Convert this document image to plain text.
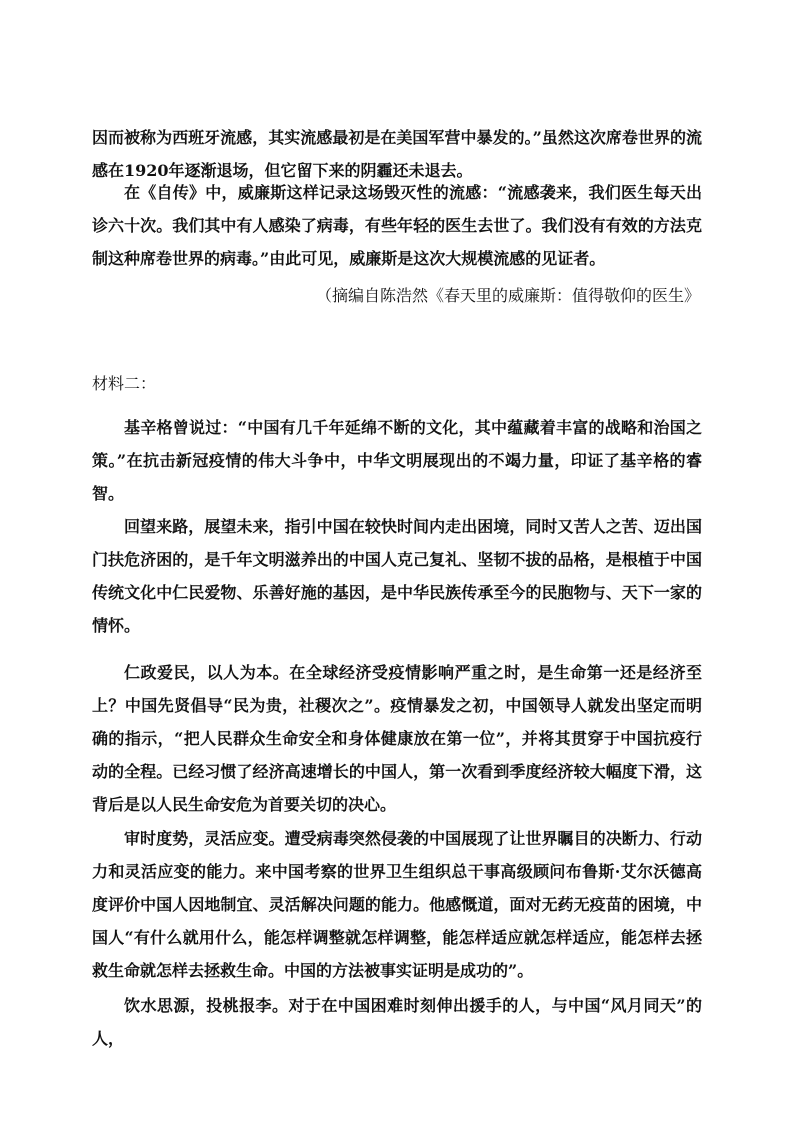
因而被称为西班牙流感，其实流感最初是在美国军营中暴发的。”虽然这次席卷世界的流感在1920年逐渐退场，但它留下来的阴霾还未退去。

在《自传》中，威廉斯这样记录这场毁灭性的流感：“流感袭来，我们医生每天出诊六十次。我们其中有人感染了病毒，有些年轻的医生去世了。我们没有有效的方法克制这种席卷世界的病毒。”由此可见，威廉斯是这次大规模流感的见证者。

（摘编自陈浩然《春天里的威廉斯：值得敬仰的医生》

材料二：

基辛格曾说过：“中国有几千年延绵不断的文化，其中蕴藏着丰富的战略和治国之策。”在抗击新冠疫情的伟大斗争中，中华文明展现出的不竭力量，印证了基辛格的睿智。

回望来路，展望未来，指引中国在较快时间内走出困境，同时又苦人之苦、迈出国门扶危济困的，是千年文明滋养出的中国人克己复礼、坚韧不拔的品格，是根植于中国传统文化中仁民爱物、乐善好施的基因，是中华民族传承至今的民胞物与、天下一家的情怀。

仁政爱民，以人为本。在全球经济受疫情影响严重之时，是生命第一还是经济至上？中国先贤倡导“民为贵，社稷次之”。疫情暴发之初，中国领导人就发出坚定而明确的指示，“把人民群众生命安全和身体健康放在第一位”，并将其贯穿于中国抗疫行动的全程。已经习惯了经济高速增长的中国人，第一次看到季度经济较大幅度下滑，这背后是以人民生命安危为首要关切的决心。

审时度势，灵活应变。遭受病毒突然侵袭的中国展现了让世界瞩目的决断力、行动力和灵活应变的能力。来中国考察的世界卫生组织总干事高级顾问布鲁斯·艾尔沃德高度评价中国人因地制宜、灵活解决问题的能力。他感慨道，面对无药无疫苗的困境，中国人“有什么就用什么，能怎样调整就怎样调整，能怎样适应就怎样适应，能怎样去拯救生命就怎样去拯救生命。中国的方法被事实证明是成功的”。

饮水思源，投桃报李。对于在中国困难时刻伸出援手的人，与中国“风月同天”的人，
